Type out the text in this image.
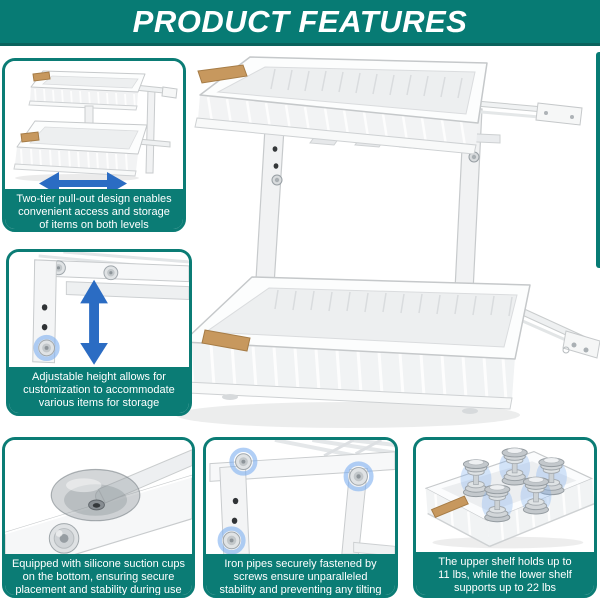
PRODUCT FEATURES
Two-tier pull-out design enables
convenient access and storage
of items on both levels
Adjustable height allows for
customization to accommodate
various items for storage
Equipped with silicone suction cups
on the bottom, ensuring secure
placement and stability during use
Iron pipes securely fastened by
screws ensure unparalleled
stability and preventing any tilting
The upper shelf holds up to
11 lbs, while the lower shelf
supports up to 22 lbs
